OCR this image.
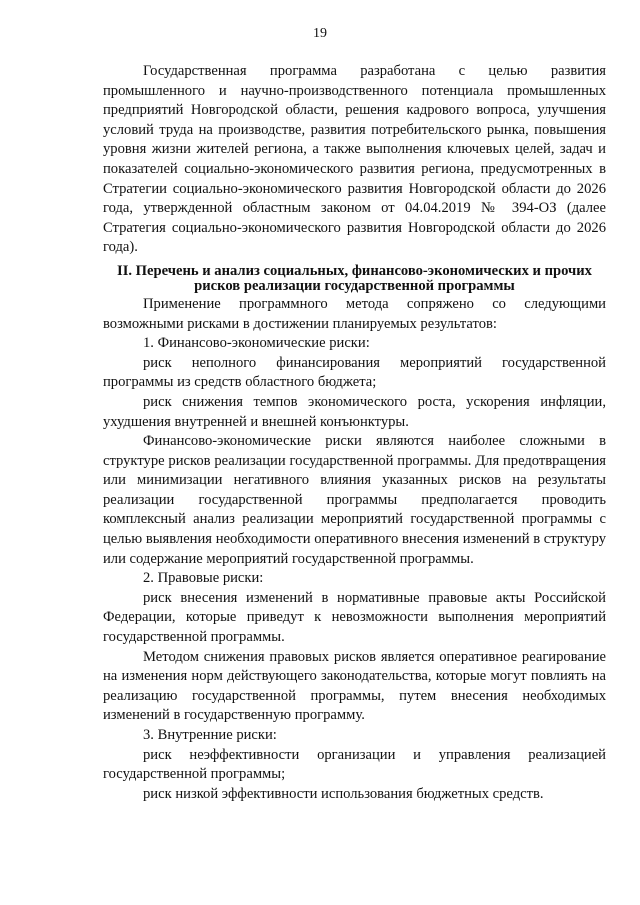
19

Государственная программа разработана с целью развития промышленного и научно-производственного потенциала промышленных предприятий Новгородской области, решения кадрового вопроса, улучшения условий труда на производстве, развития потребительского рынка, повышения уровня жизни жителей региона, а также выполнения ключевых целей, задач и показателей социально-экономического развития региона, предусмотренных в Стратегии социально-экономического развития Новгородской области до 2026 года, утвержденной областным законом от 04.04.2019 № 394-ОЗ (далее Стратегия социально-экономического развития Новгородской области до 2026 года).

II. Перечень и анализ социальных, финансово-экономических и прочих рисков реализации государственной программы

Применение программного метода сопряжено со следующими возможными рисками в достижении планируемых результатов:

1. Финансово-экономические риски:

риск неполного финансирования мероприятий государственной программы из средств областного бюджета;

риск снижения темпов экономического роста, ускорения инфляции, ухудшения внутренней и внешней конъюнктуры.

Финансово-экономические риски являются наиболее сложными в структуре рисков реализации государственной программы. Для предотвращения или минимизации негативного влияния указанных рисков на результаты реализации государственной программы предполагается проводить комплексный анализ реализации мероприятий государственной программы с целью выявления необходимости оперативного внесения изменений в структуру или содержание мероприятий государственной программы.

2. Правовые риски:

риск внесения изменений в нормативные правовые акты Российской Федерации, которые приведут к невозможности выполнения мероприятий государственной программы.

Методом снижения правовых рисков является оперативное реагирование на изменения норм действующего законодательства, которые могут повлиять на реализацию государственной программы, путем внесения необходимых изменений в государственную программу.

3. Внутренние риски:

риск неэффективности организации и управления реализацией государственной программы;

риск низкой эффективности использования бюджетных средств.
